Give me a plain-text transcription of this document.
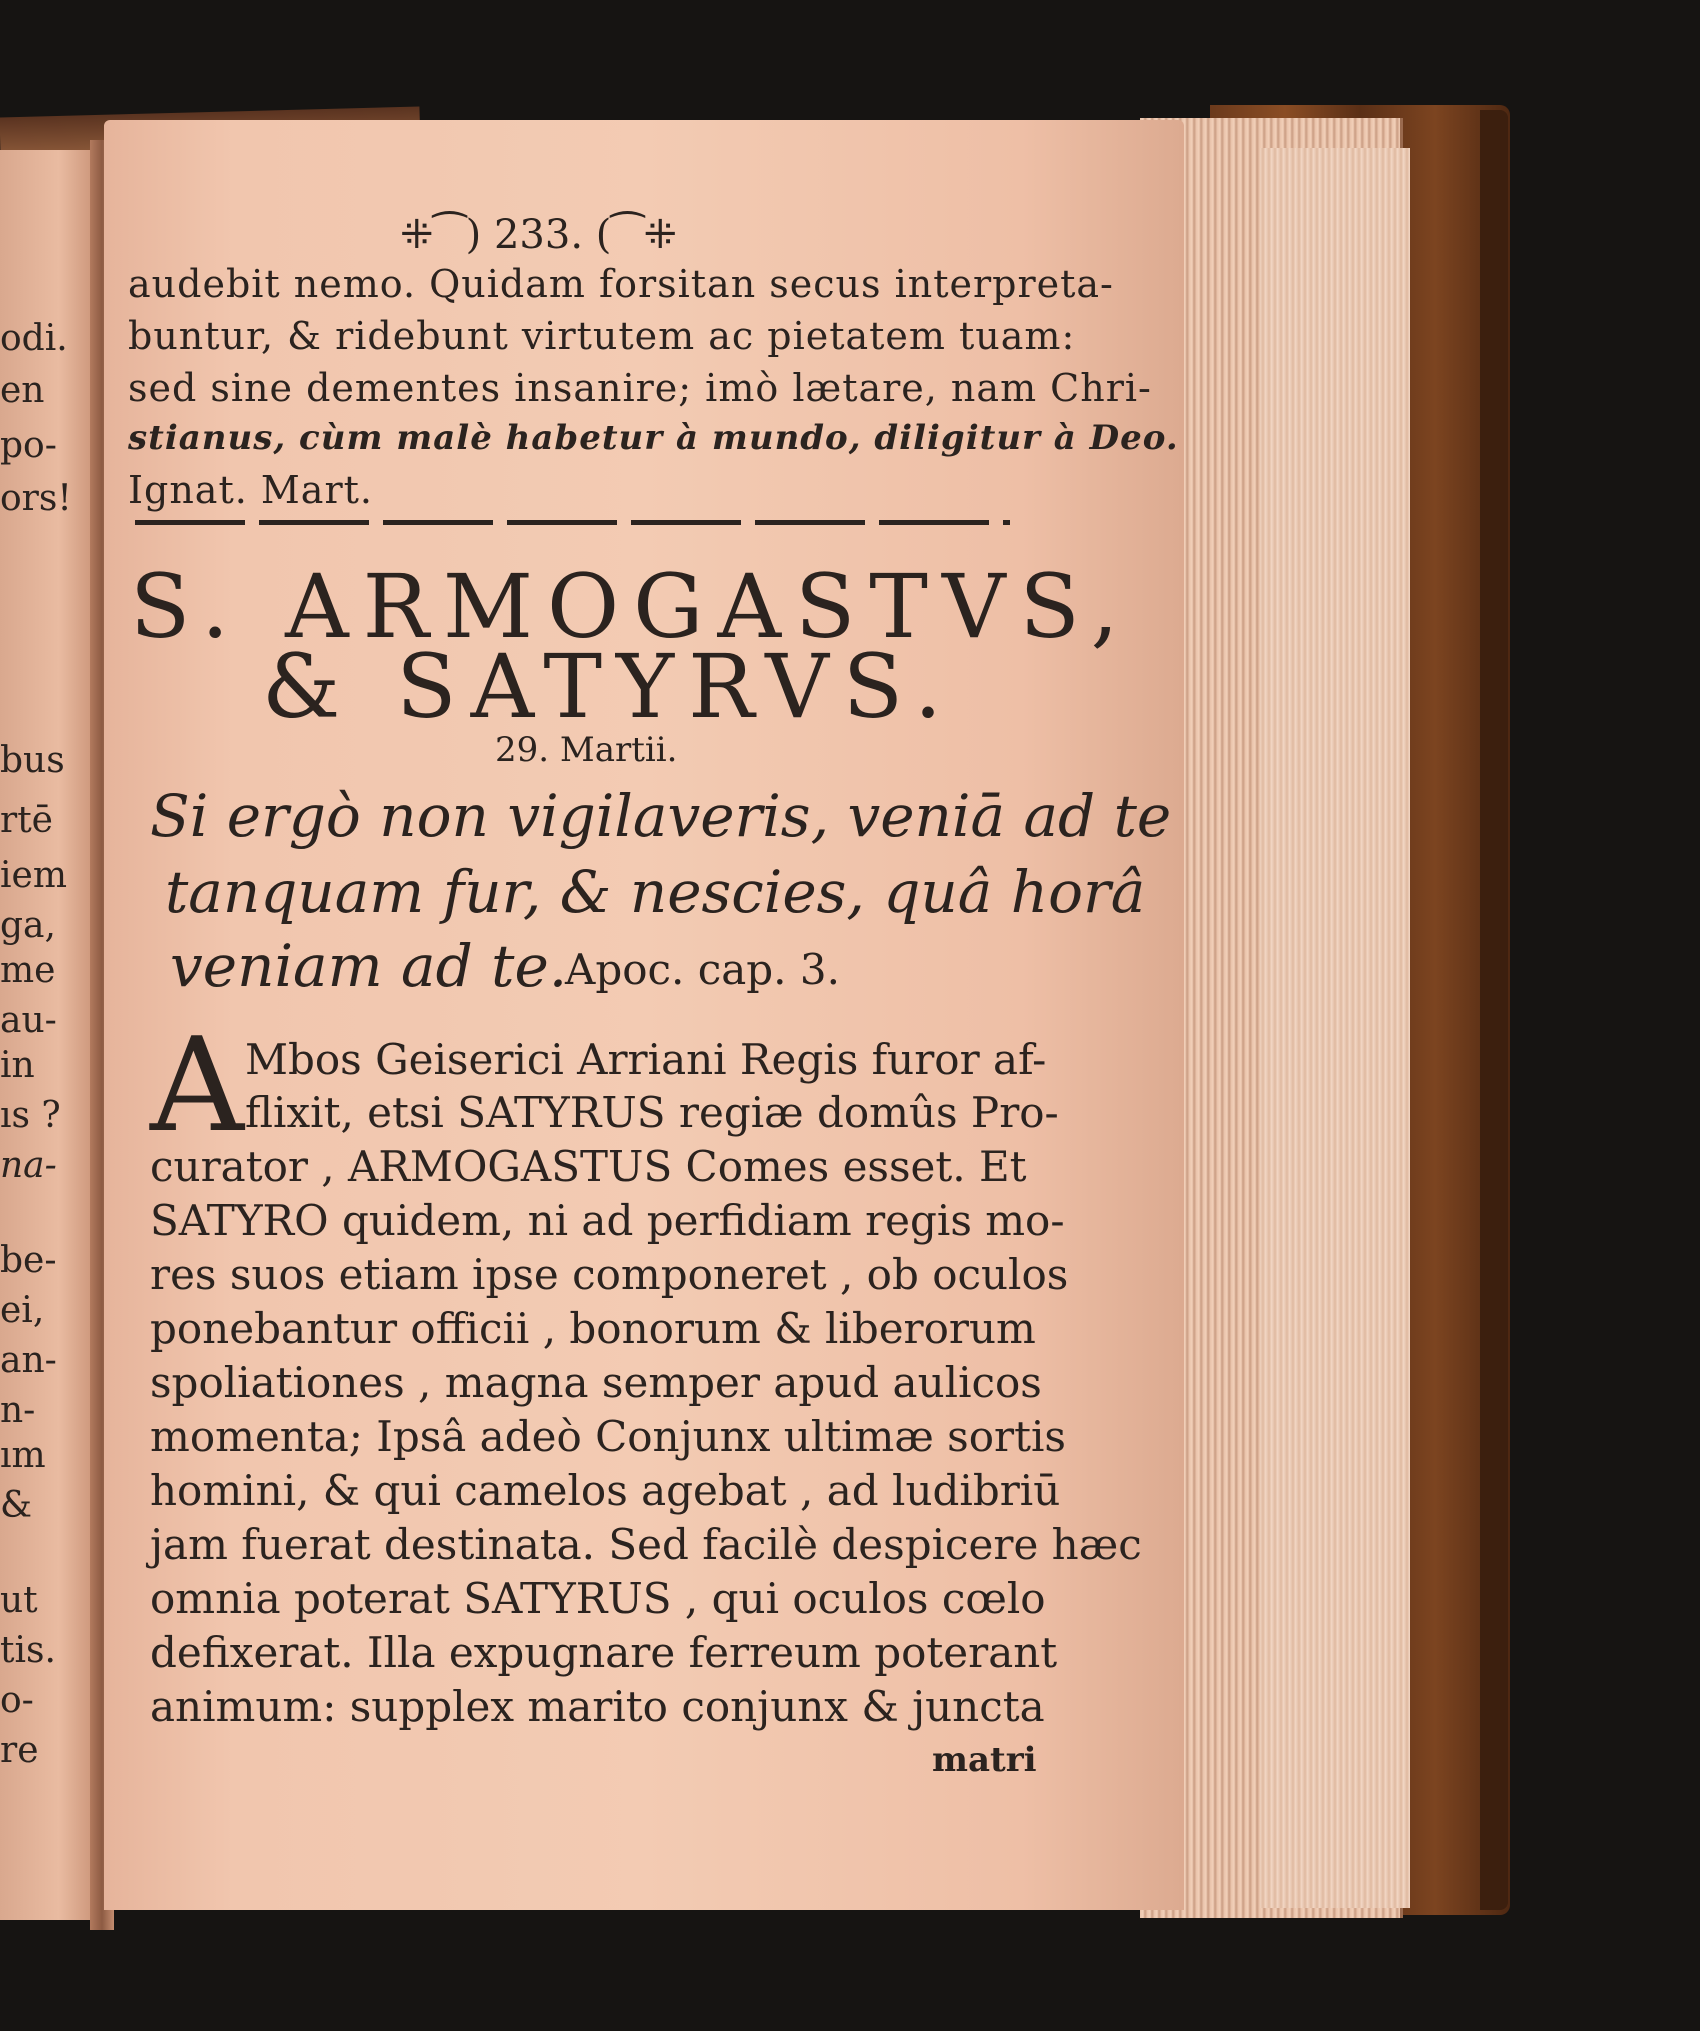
odi.
en
po-
ors!
bus
rtē
iem
ga,
me
au-
in
ıs ?
na-
be-
ei,
an-
n-
ım
&
ut
tis.
o-
re
⁜⁀) 233. (⁀⁜
audebit nemo. Quidam forsitan secus interpreta-
buntur, & ridebunt virtutem ac pietatem tuam:
sed sine dementes insanire; imò lætare, nam Chri-
stianus, cùm malè habetur à mundo, diligitur à Deo.
Ignat. Mart.
S. ARMOGASTVS,
& SATYRVS.
29. Martii.
Si ergò non vigilaveris, veniā ad te
tanquam fur, & nescies, quâ horâ
veniam ad te.
Apoc. cap. 3.
A Mbos Geiserici Arriani Regis furor af-
flixit, etsi SATYRUS regiæ domûs Pro-
curator , ARMOGASTUS Comes esset. Et
SATYRO quidem, ni ad perfidiam regis mo-
res suos etiam ipse componeret , ob oculos
ponebantur officii , bonorum & liberorum
spoliationes , magna semper apud aulicos
momenta; Ipsâ adeò Conjunx ultimæ sortis
homini, & qui camelos agebat , ad ludibriū
jam fuerat destinata. Sed facilè despicere hæc
omnia poterat SATYRUS , qui oculos cœlo
defixerat. Illa expugnare ferreum poterant
animum: supplex marito conjunx & juncta
matri
